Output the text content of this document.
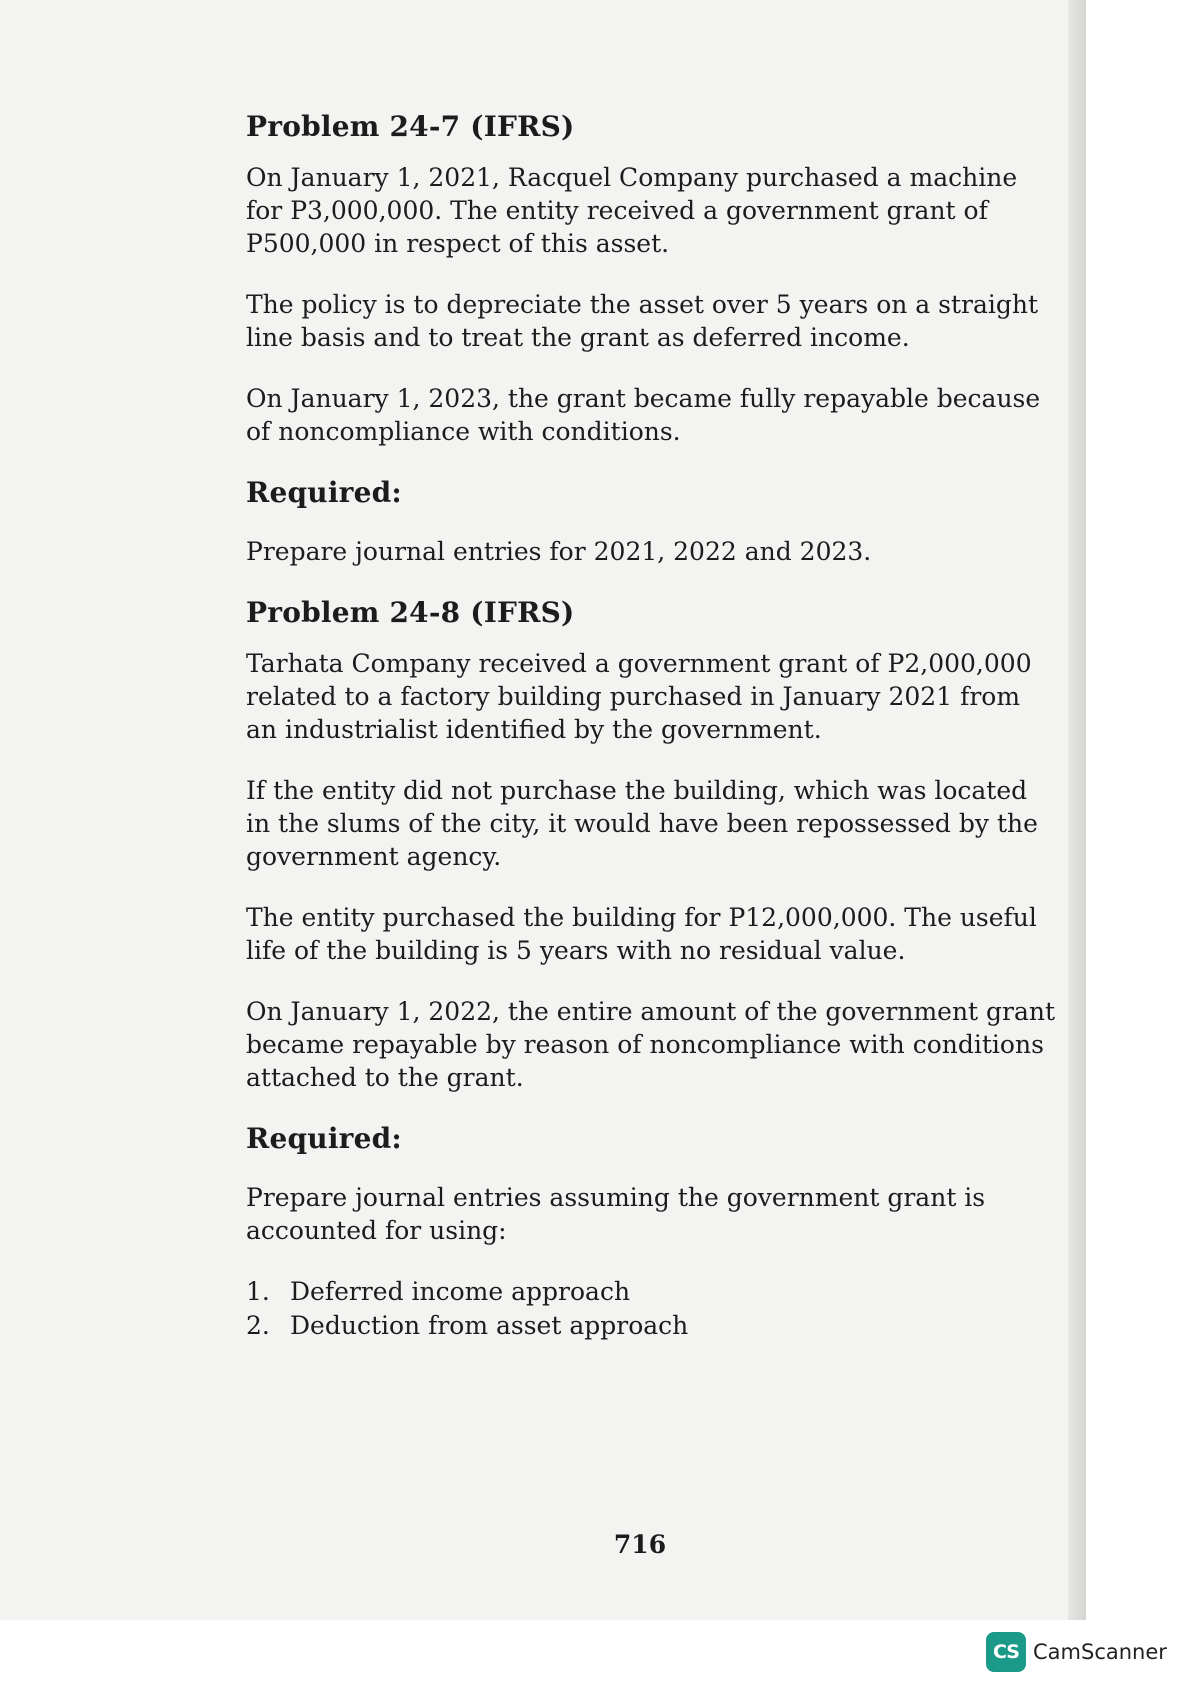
Problem 24-7 (IFRS)

On January 1, 2021, Racquel Company purchased a machine for P3,000,000. The entity received a government grant of P500,000 in respect of this asset.

The policy is to depreciate the asset over 5 years on a straight line basis and to treat the grant as deferred income.

On January 1, 2023, the grant became fully repayable because of noncompliance with conditions.

Required:

Prepare journal entries for 2021, 2022 and 2023.

Problem 24-8 (IFRS)

Tarhata Company received a government grant of P2,000,000 related to a factory building purchased in January 2021 from an industrialist identified by the government.

If the entity did not purchase the building, which was located in the slums of the city, it would have been repossessed by the government agency.

The entity purchased the building for P12,000,000. The useful life of the building is 5 years with no residual value.

On January 1, 2022, the entire amount of the government grant became repayable by reason of noncompliance with conditions attached to the grant.

Required:

Prepare journal entries assuming the government grant is accounted for using:

1. Deferred income approach
2. Deduction from asset approach
716
CS CamScanner
